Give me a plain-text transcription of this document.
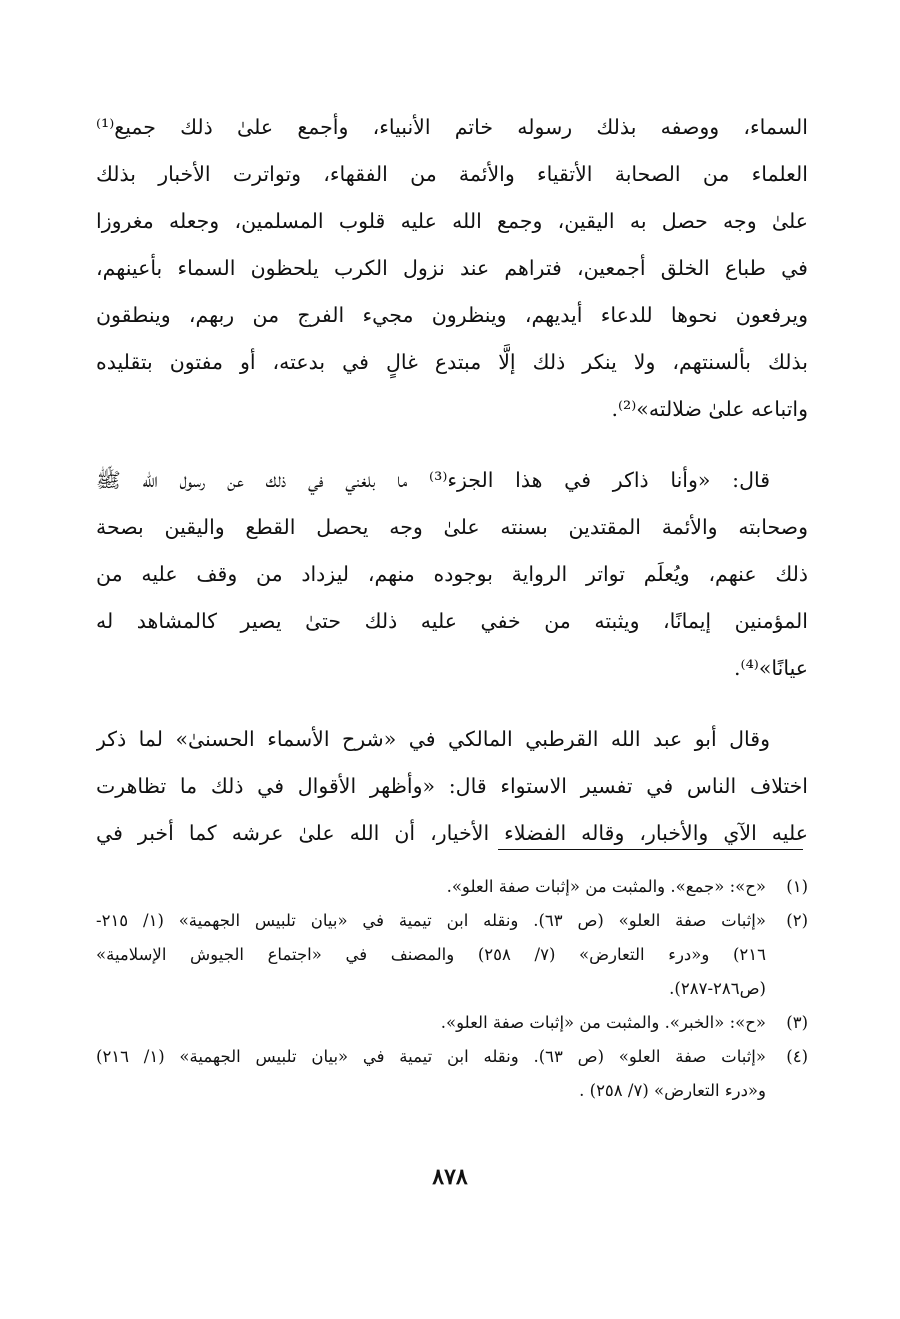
السماء، ووصفه بذلك رسوله خاتم الأنبياء، وأجمع علىٰ ذلك جميع⁽¹⁾
العلماء من الصحابة الأتقياء والأئمة من الفقهاء، وتواترت الأخبار بذلك
علىٰ وجه حصل به اليقين، وجمع الله عليه قلوب المسلمين، وجعله مغروزا
في طباع الخلق أجمعين، فتراهم عند نزول الكرب يلحظون السماء بأعينهم،
ويرفعون نحوها للدعاء أيديهم، وينظرون مجيء الفرج من ربهم، وينطقون
بذلك بألسنتهم، ولا ينكر ذلك إلَّا مبتدع غالٍ في بدعته، أو مفتون بتقليده
واتباعه علىٰ ضلالته»⁽²⁾.
قال: «وأنا ذاكر في هذا الجزء⁽³⁾ ما بلغني في ذلك عن رسول الله ﷺ
وصحابته والأئمة المقتدين بسنته علىٰ وجه يحصل القطع واليقين بصحة
ذلك عنهم، ويُعلَم تواتر الرواية بوجوده منهم، ليزداد من وقف عليه من
المؤمنين إيمانًا، ويثبته من خفي عليه ذلك حتىٰ يصير كالمشاهد له
عيانًا»⁽⁴⁾.
وقال أبو عبد الله القرطبي المالكي في «شرح الأسماء الحسنىٰ» لما ذكر
اختلاف الناس في تفسير الاستواء قال: «وأظهر الأقوال في ذلك ما تظاهرت
عليه الآي والأخبار، وقاله الفضلاء الأخيار، أن الله علىٰ عرشه كما أخبر في
(١)
«ح»: «جمع». والمثبت من «إثبات صفة العلو».
(٢)
«إثبات صفة العلو» (ص ٦٣). ونقله ابن تيمية في «بيان تلبيس الجهمية» (١/ ٢١٥-
٢١٦) و«درء التعارض» (٧/ ٢٥٨) والمصنف في «اجتماع الجيوش الإسلامية»
(ص٢٨٦-٢٨٧).
(٣)
«ح»: «الخبر». والمثبت من «إثبات صفة العلو».
(٤)
«إثبات صفة العلو» (ص ٦٣). ونقله ابن تيمية في «بيان تلبيس الجهمية» (١/ ٢١٦)
و«درء التعارض» (٧/ ٢٥٨) .
٨٧٨
